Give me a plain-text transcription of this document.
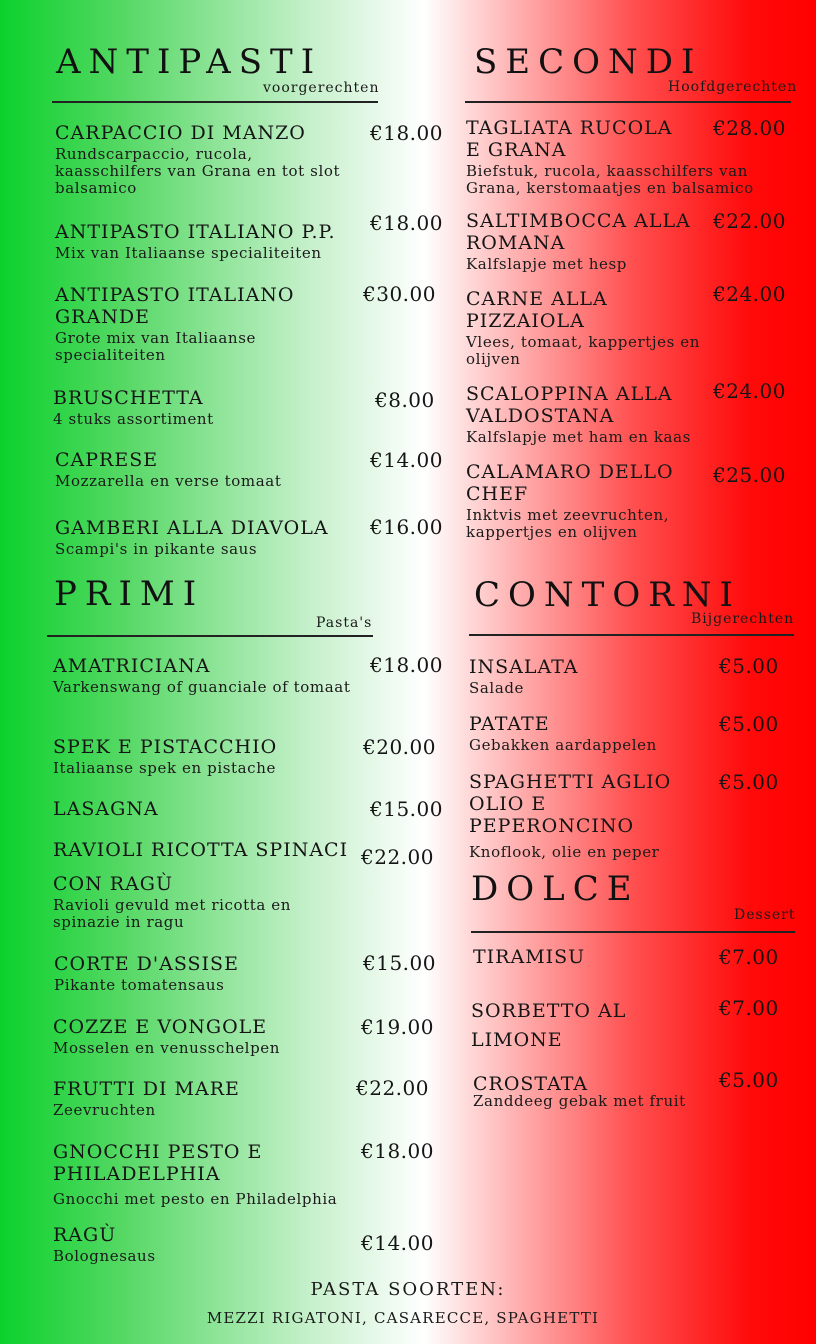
ANTIPASTI
voorgerechten
CARPACCIO DI MANZO
Rundscarpaccio, rucola, kaasschilfers van Grana en tot slot balsamico
€18.00
ANTIPASTO ITALIANO P.P.
Mix van Italiaanse specialiteiten
€18.00
ANTIPASTO ITALIANO GRANDE
Grote mix van Italiaanse specialiteiten
€30.00
BRUSCHETTA
4 stuks assortiment
€8.00
CAPRESE
Mozzarella en verse tomaat
€14.00
GAMBERI ALLA DIAVOLA
Scampi's in pikante saus
€16.00
PRIMI
Pasta's
AMATRICIANA
Varkenswang of guanciale of tomaat
€18.00
SPEK E PISTACCHIO
Italiaanse spek en pistache
€20.00
LASAGNA	€15.00
RAVIOLI RICOTTA SPINACI €22.00
CON RAGÙ
Ravioli gevuld met ricotta en spinazie in ragu
CORTE D'ASSISE
Pikante tomatensaus
€15.00
COZZE E VONGOLE
Mosselen en venusschelpen
€19.00
FRUTTI DI MARE
Zeevruchten
€22.00
GNOCCHI PESTO E PHILADELPHIA
Gnocchi met pesto en Philadelphia
€18.00
RAGÙ
Bolognesaus
€14.00
SECONDI
Hoofdgerechten
TAGLIATA RUCOLA E GRANA
Biefstuk, rucola, kaasschilfers van Grana, kerstomaatjes en balsamico
€28.00
SALTIMBOCCA ALLA ROMANA
Kalfslapje met hesp
€22.00
CARNE ALLA PIZZAIOLA
Vlees, tomaat, kappertjes en olijven
€24.00
SCALOPPINA ALLA VALDOSTANA
Kalfslapje met ham en kaas
€24.00
CALAMARO DELLO CHEF
Inktvis met zeevruchten, kappertjes en olijven
€25.00
CONTORNI
Bijgerechten
INSALATA
Salade
€5.00
PATATE
Gebakken aardappelen
€5.00
SPAGHETTI AGLIO OLIO E PEPERONCINO
Knoflook, olie en peper
€5.00
DOLCE
Dessert
TIRAMISU	€7.00
SORBETTO AL LIMONE
€7.00
CROSTATA
Zanddeeg gebak met fruit
€5.00
PASTA SOORTEN:
MEZZI RIGATONI, CASARECCE, SPAGHETTI
